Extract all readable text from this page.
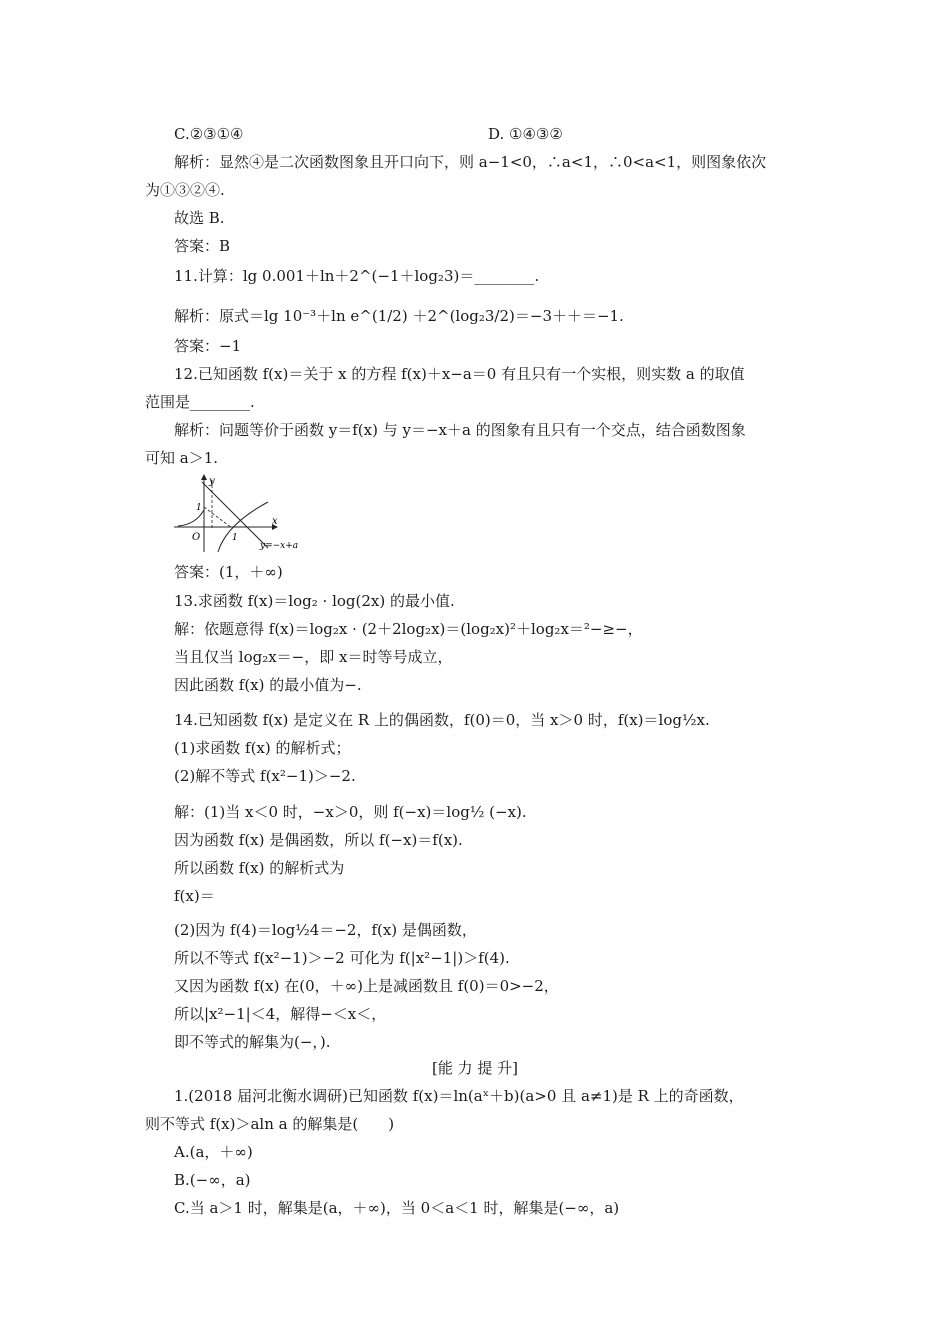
C.②③①④	D. ①④③②
解析：显然④是二次函数图象且开口向下，则 a−1<0，∴a<1，∴0<a<1，则图象依次
为①③②④.
故选 B.
答案：B
11.计算：lg 0.001＋ln＋2^(−1＋log₂3)＝________.
解析：原式＝lg 10⁻³＋ln e^(1/2) ＋2^(log₂3/2)＝−3＋＋＝−1.
答案：−1
12.已知函数 f(x)＝关于 x 的方程 f(x)＋x−a＝0 有且只有一个实根，则实数 a 的取值
范围是________.
解析：问题等价于函数 y＝f(x) 与 y＝−x＋a 的图象有且只有一个交点，结合函数图象
可知 a＞1.
y
x
O
1
1
y=−x+a
答案：(1，＋∞)
13.求函数 f(x)＝log₂ · log(2x) 的最小值.
解：依题意得 f(x)＝log₂x · (2＋2log₂x)＝(log₂x)²＋log₂x＝²−≥−，
当且仅当 log₂x＝−，即 x＝时等号成立，
因此函数 f(x) 的最小值为−.
14.已知函数 f(x) 是定义在 R 上的偶函数，f(0)＝0，当 x＞0 时，f(x)＝log½x.
(1)求函数 f(x) 的解析式；
(2)解不等式 f(x²−1)＞−2.
解：(1)当 x＜0 时，−x＞0，则 f(−x)＝log½ (−x).
因为函数 f(x) 是偶函数，所以 f(−x)＝f(x).
所以函数 f(x) 的解析式为
f(x)＝
(2)因为 f(4)＝log½4＝−2，f(x) 是偶函数，
所以不等式 f(x²−1)＞−2 可化为 f(|x²−1|)＞f(4).
又因为函数 f(x) 在(0，＋∞)上是减函数且 f(0)＝0>−2，
所以|x²−1|＜4，解得−＜x＜，
即不等式的解集为(−，).
[能 力 提 升]
1.(2018 届河北衡水调研)已知函数 f(x)＝ln(aˣ＋b)(a>0 且 a≠1)是 R 上的奇函数，
则不等式 f(x)＞aln a 的解集是(　　)
A.(a，＋∞)
B.(−∞，a)
C.当 a＞1 时，解集是(a，＋∞)，当 0＜a＜1 时，解集是(−∞，a)
